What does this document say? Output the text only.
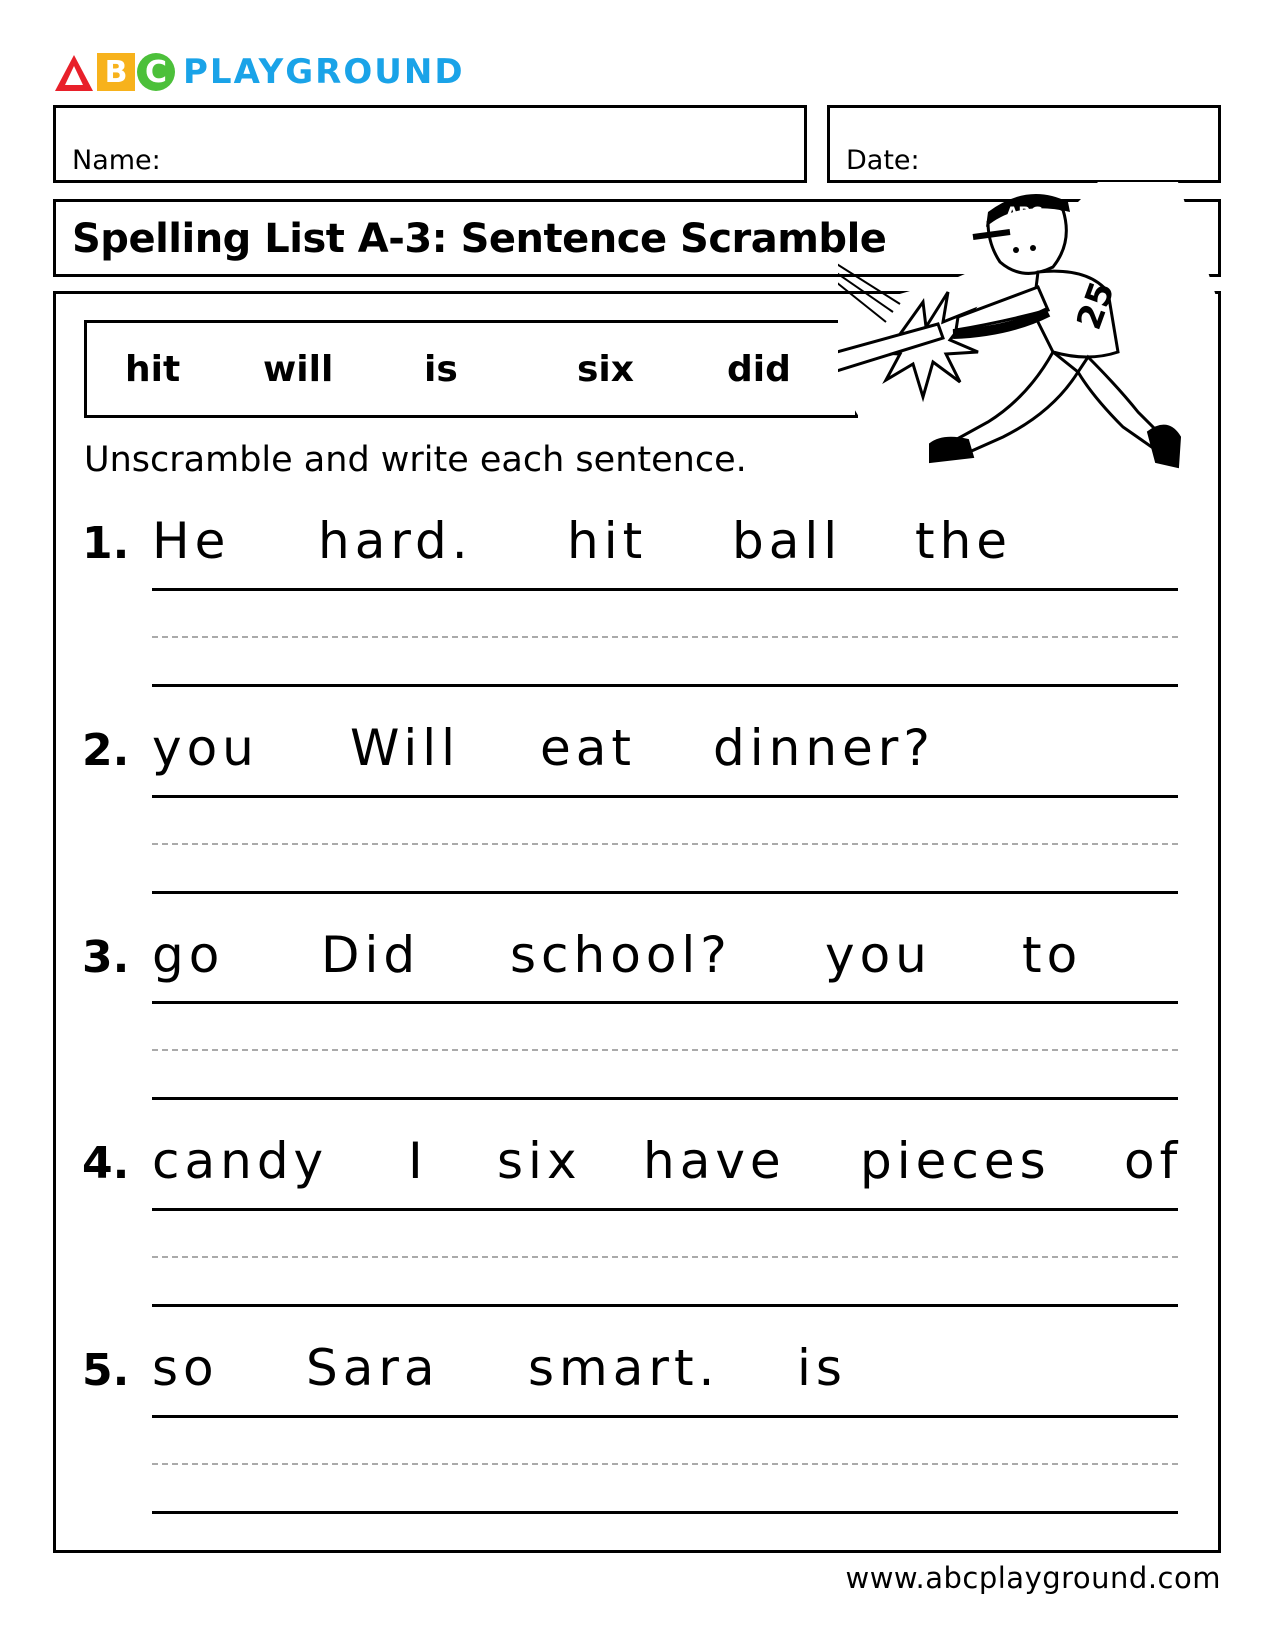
B C PLAYGROUND
Name:	Date:
Spelling List A-3: Sentence Scramble
hit will	is	six	did
Unscramble and write each sentence.
1. He hard. hit ball the
2. you Will eat dinner?
3. go Did school? you to
4. candy I six have pieces of
5. so Sara smart. is
www.abcplayground.com
ABC
25
